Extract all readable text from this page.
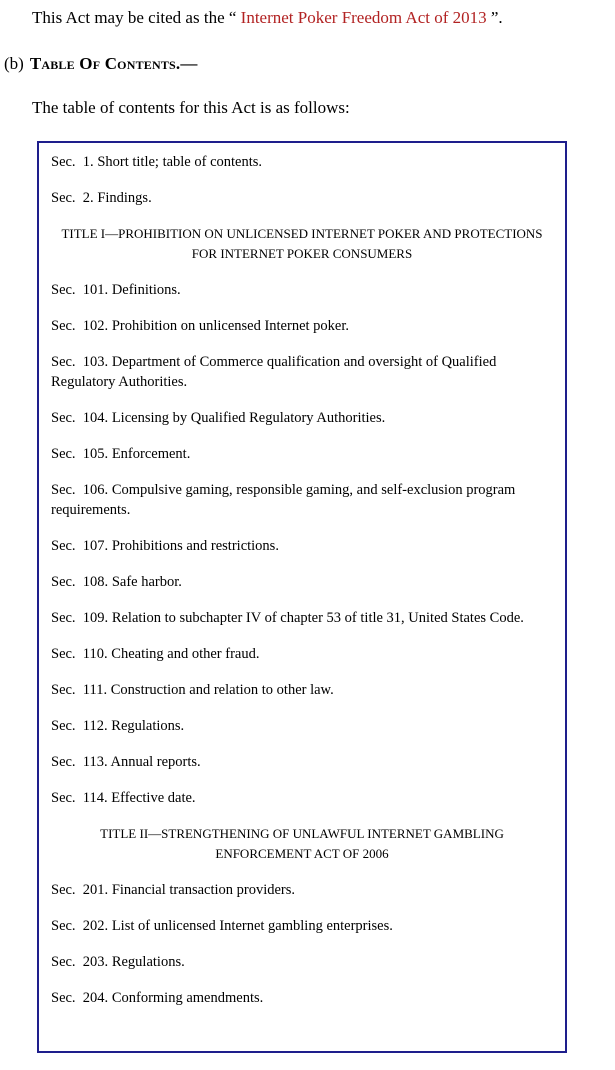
This Act may be cited as the “ Internet Poker Freedom Act of 2013 ”.
(b) Table Of Contents.—
The table of contents for this Act is as follows:
Sec.  1. Short title; table of contents.
Sec.  2. Findings.
TITLE I—PROHIBITION ON UNLICENSED INTERNET POKER AND PROTECTIONS FOR INTERNET POKER CONSUMERS
Sec.  101. Definitions.
Sec.  102. Prohibition on unlicensed Internet poker.
Sec.  103. Department of Commerce qualification and oversight of Qualified Regulatory Authorities.
Sec.  104. Licensing by Qualified Regulatory Authorities.
Sec.  105. Enforcement.
Sec.  106. Compulsive gaming, responsible gaming, and self-exclusion program requirements.
Sec.  107. Prohibitions and restrictions.
Sec.  108. Safe harbor.
Sec.  109. Relation to subchapter IV of chapter 53 of title 31, United States Code.
Sec.  110. Cheating and other fraud.
Sec.  111. Construction and relation to other law.
Sec.  112. Regulations.
Sec.  113. Annual reports.
Sec.  114. Effective date.
TITLE II—STRENGTHENING OF UNLAWFUL INTERNET GAMBLING ENFORCEMENT ACT OF 2006
Sec.  201. Financial transaction providers.
Sec.  202. List of unlicensed Internet gambling enterprises.
Sec.  203. Regulations.
Sec.  204. Conforming amendments.
